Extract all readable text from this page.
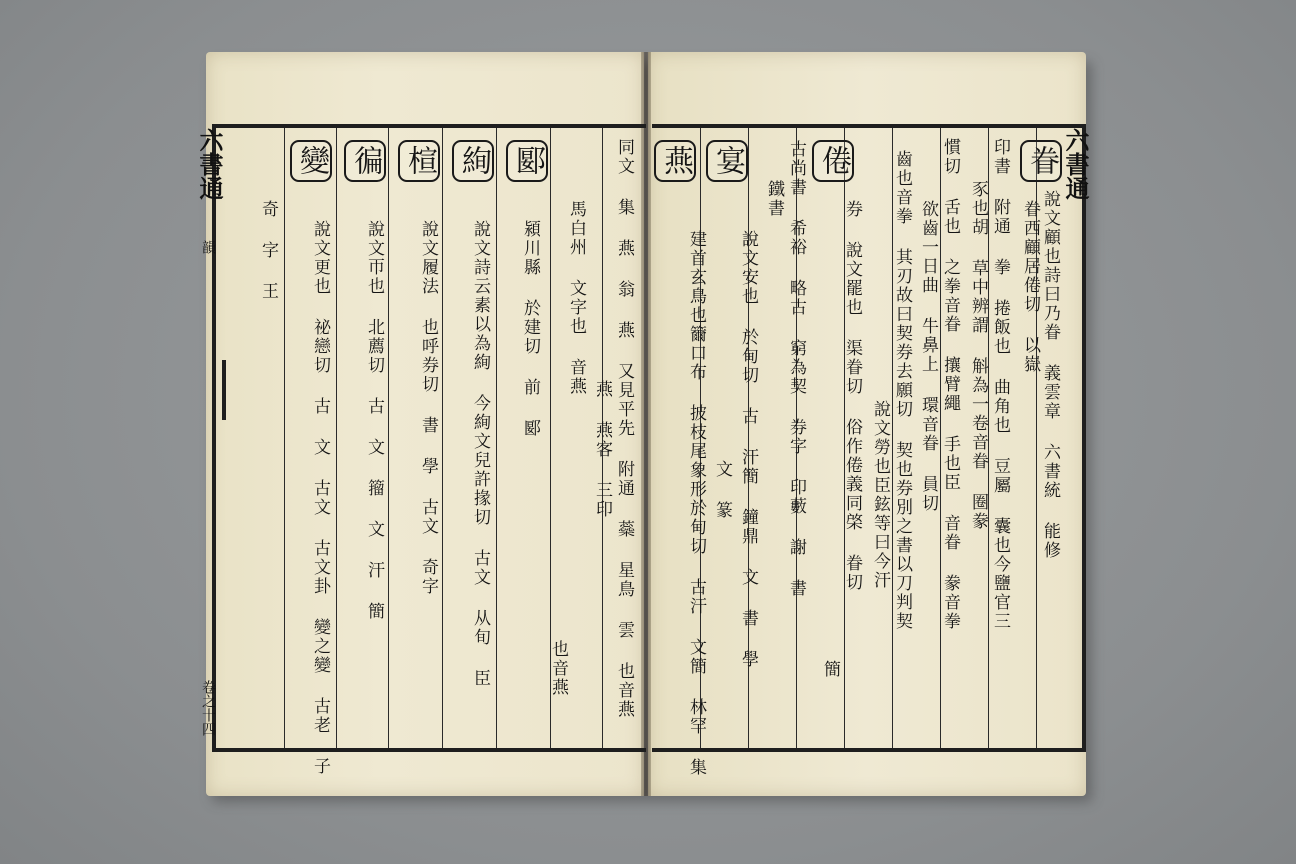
六書通
眷
說文顧也詩曰乃眷 義雲章 六書統 能修
眷西顧居倦切 以嶽
印書 附通 拳 捲飯也 曲角也 豆屬 囊也今鹽官三
豕也胡 草中辨謂 斛為一卷音眷 圈豢
慣切 舌也 之拳音眷 攘臂繩 手也臣 音眷 豢音拳
欲齒一日曲 牛鼻上 環音眷 員切
齒也音拳 其刃故曰契券去願切 契也券別之書以刀判契
說文勞也臣鉉等曰今汗
倦
券 說文罷也 渠眷切 俗作倦義同棨 眷切
簡
古尚書 希裕 略古 窮為契 券字 印藪 謝 書
鐵書
宴
說文安也 於甸切 古 汗簡 鐘鼎 文 書 學
文 篆
燕
建首玄鳥也籋口布 披枝尾象形於甸切 古汗 文簡 林罕 集
六書通
韻
卷之十四	同文 集 燕 翁 燕 又見平先 附通 蘂 星鳥 雲 也音燕
燕 燕客 三印
馬白州 文字也 音燕
也音燕
郾
潁川縣 於建切 前 郾
絢
說文詩云素以為絢 今絢文兒許掾切 古文 从旬 臣
楦
說文履法 也呼券切 書 學 古文 奇字
徧
說文帀也 北薦切 古 文 籀 文 汗 簡
變
說文更也 祕戀切 古 文 古文 古文卦 變之變 古老 子
奇 字 王
